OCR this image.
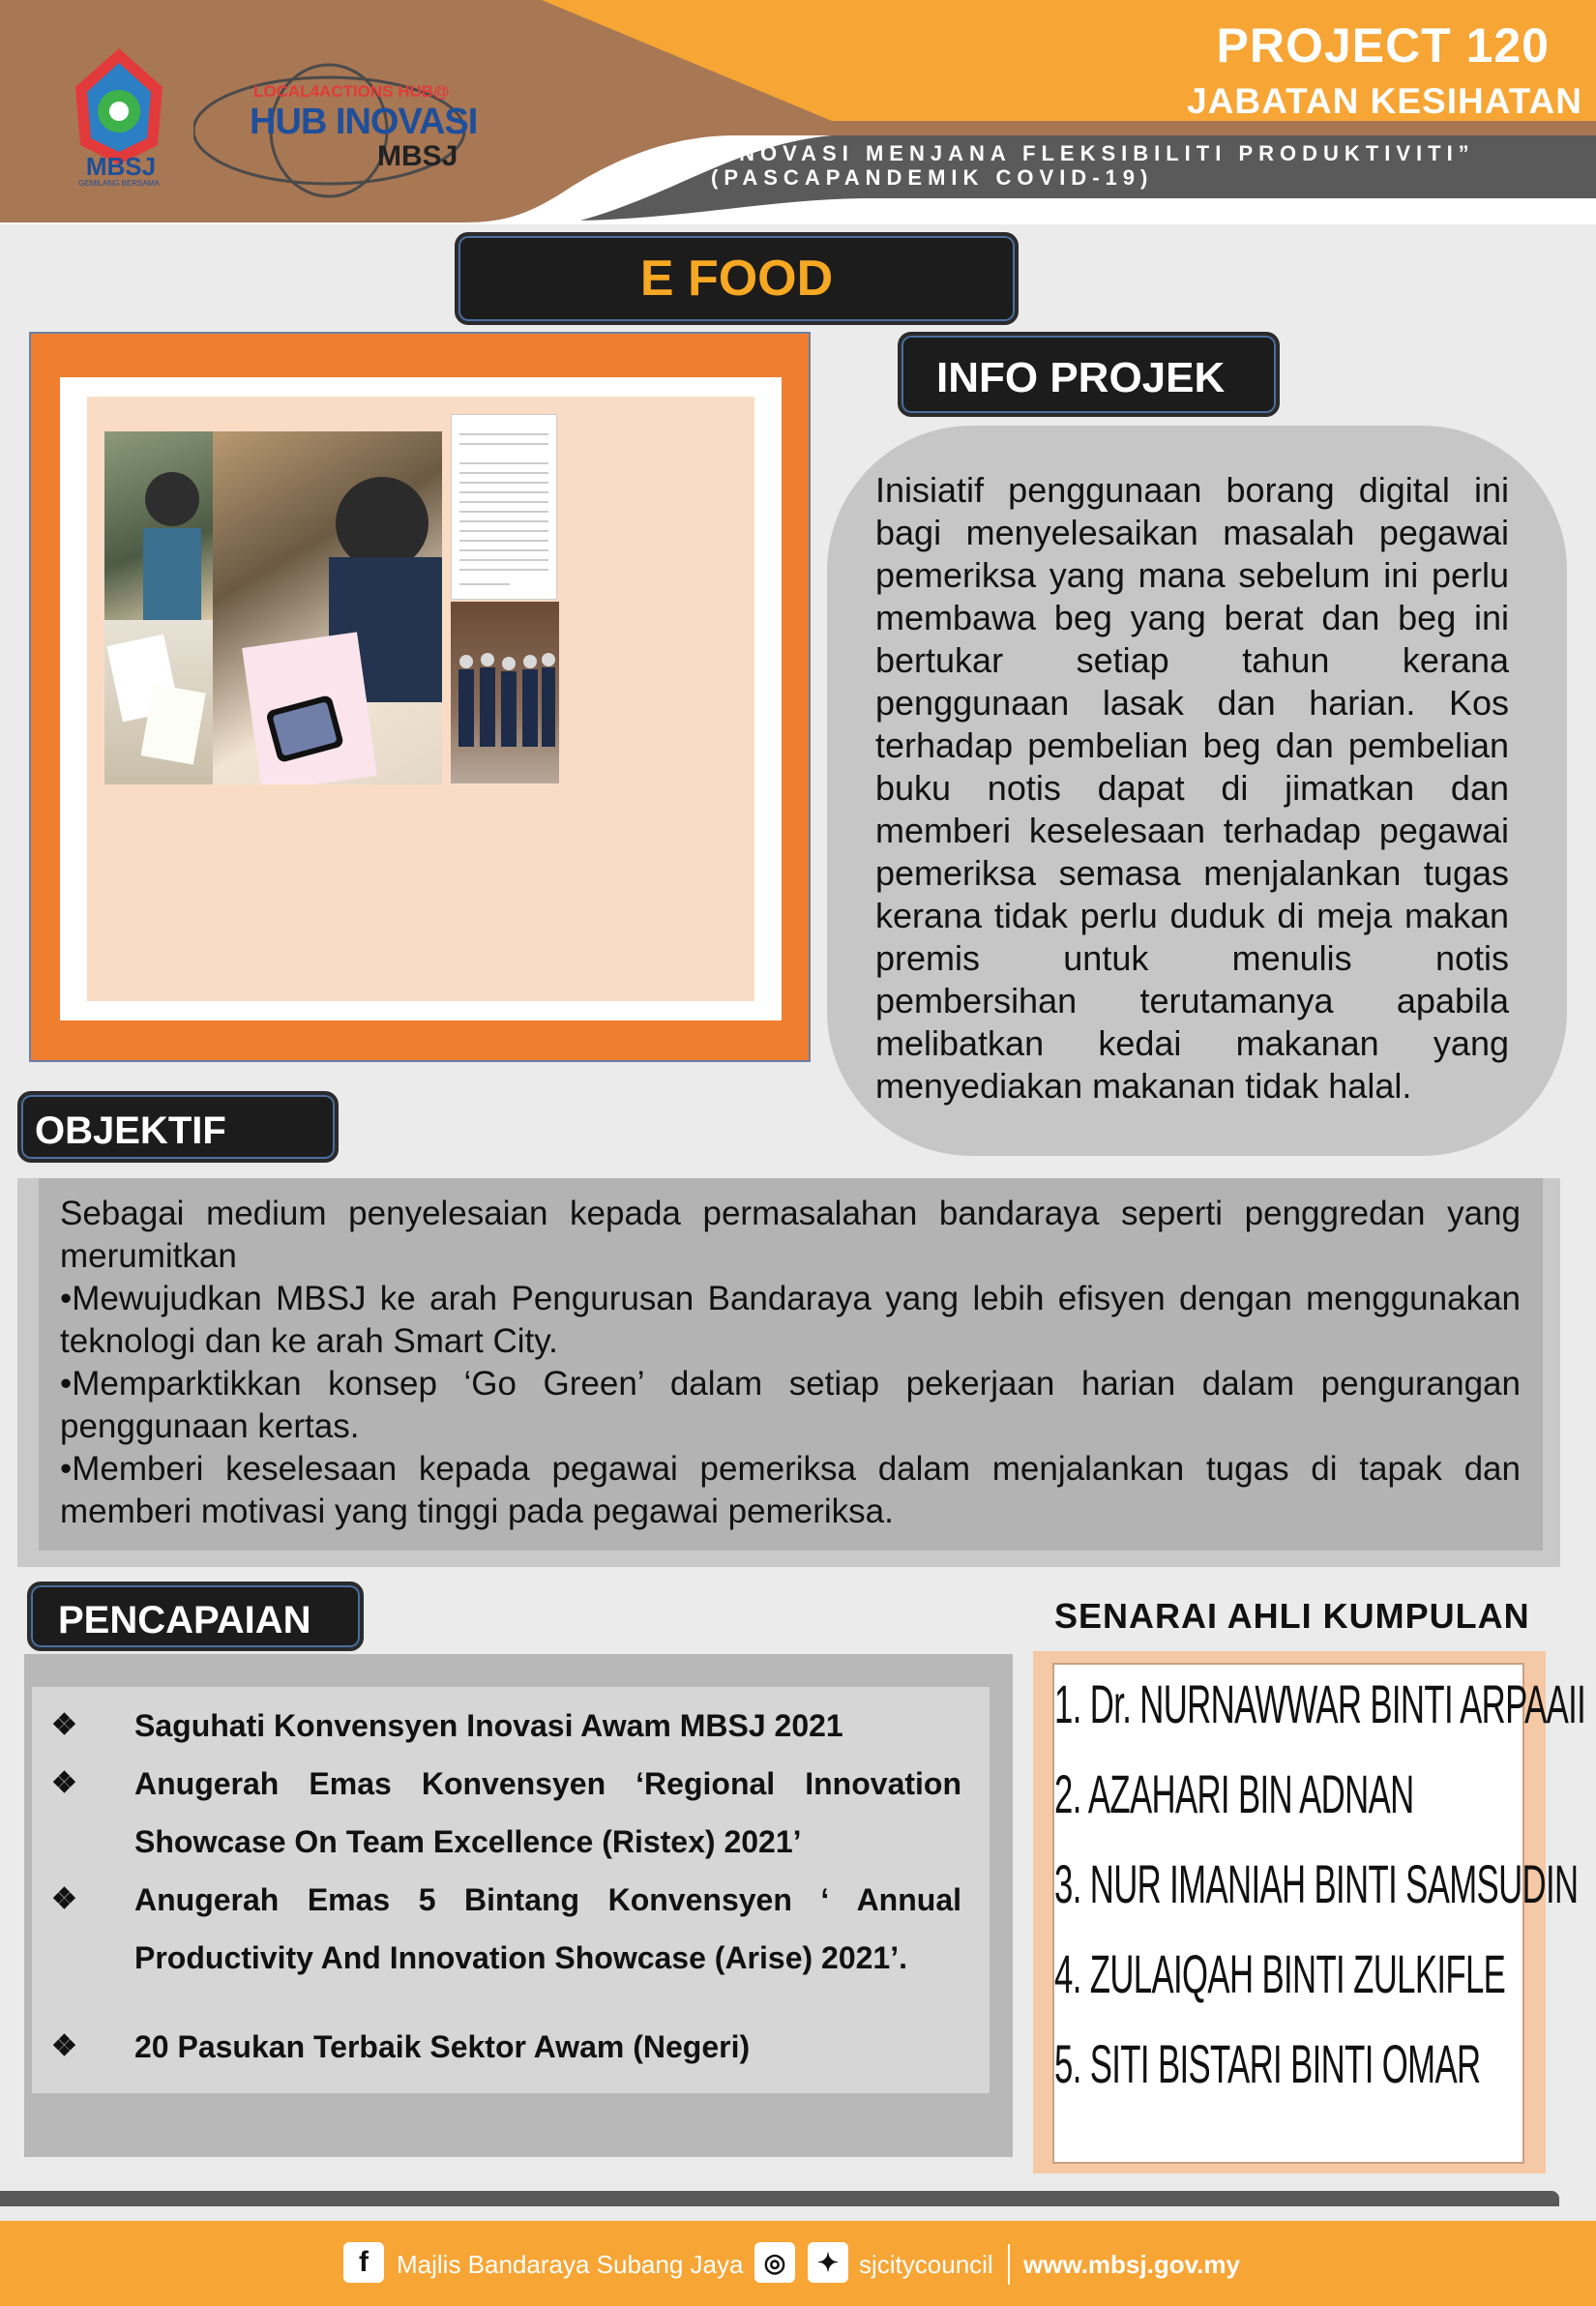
MBSJ
GEMILANG BERSAMA
LOCAL4ACTIONS HUB@
HUB INOVASI
MBSJ
PROJECT 120
JABATAN KESIHATAN
“INOVASI MENJANA FLEKSIBILITI PRODUKTIVITI”
(PASCAPANDEMIK COVID-19)
E FOOD
INFO PROJEK
Inisiatif penggunaan borang digital ini
bagi menyelesaikan masalah pegawai
pemeriksa yang mana sebelum ini perlu
membawa beg yang berat dan beg ini
bertukar setiap tahun kerana
penggunaan lasak dan harian. Kos
terhadap pembelian beg dan pembelian
buku notis dapat di jimatkan dan
memberi keselesaan terhadap pegawai
pemeriksa semasa menjalankan tugas
kerana tidak perlu duduk di meja makan
premis untuk menulis notis
pembersihan terutamanya apabila
melibatkan kedai makanan yang
menyediakan makanan tidak halal.
OBJEKTIF

Sebagai medium penyelesaian kepada permasalahan bandaraya seperti penggredan yang merumitkan

•Mewujudkan MBSJ ke arah Pengurusan Bandaraya yang lebih efisyen dengan menggunakan teknologi dan ke arah Smart City.

•Memparktikkan konsep ‘Go Green’ dalam setiap pekerjaan harian dalam pengurangan penggunaan kertas.

•Memberi keselesaan kepada pegawai pemeriksa dalam menjalankan tugas di tapak dan memberi motivasi yang tinggi pada pegawai pemeriksa.

PENCAPAIAN
❖ Saguhati Konvensyen Inovasi Awam MBSJ 2021
❖ Anugerah Emas Konvensyen ‘Regional Innovation Showcase On Team Excellence (Ristex) 2021’
❖ Anugerah Emas 5 Bintang Konvensyen ‘ Annual Productivity And Innovation Showcase (Arise) 2021’.
❖ 20 Pasukan Terbaik Sektor Awam (Negeri)
SENARAI AHLI KUMPULAN
1. Dr. NURNAWWAR BINTI ARPAAII
2. AZAHARI BIN ADNAN
3. NUR IMANIAH BINTI SAMSUDIN
4. ZULAIQAH BINTI ZULKIFLE
5. SITI BISTARI BINTI OMAR
f	Majlis Bandaraya Subang Jaya ◎	✦ sjcitycouncil www.mbsj.gov.my
